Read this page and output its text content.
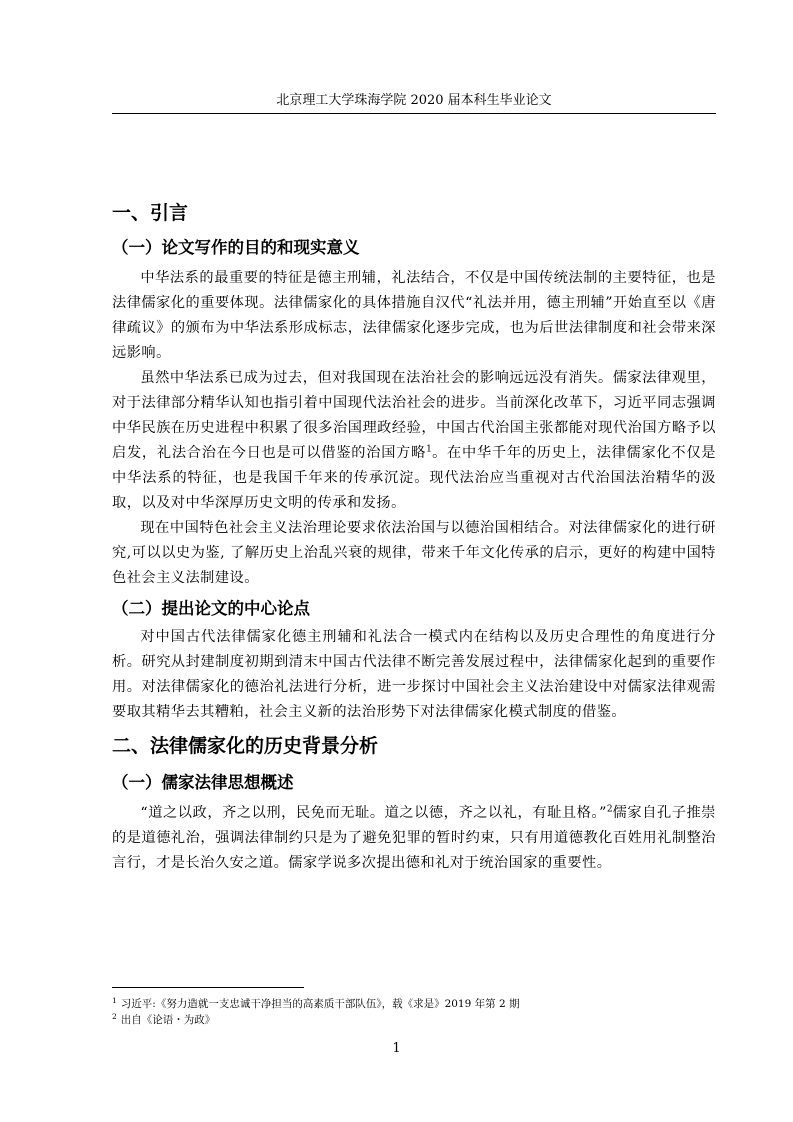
北京理工大学珠海学院 2020 届本科生毕业论文
一、引言
（一）论文写作的目的和现实意义

中华法系的最重要的特征是德主刑辅，礼法结合，不仅是中国传统法制的主要特征，也是法律儒家化的重要体现。法律儒家化的具体措施自汉代“礼法并用，德主刑辅”开始直至以《唐律疏议》的颁布为中华法系形成标志，法律儒家化逐步完成，也为后世法律制度和社会带来深远影响。

虽然中华法系已成为过去，但对我国现在法治社会的影响远远没有消失。儒家法律观里，对于法律部分精华认知也指引着中国现代法治社会的进步。当前深化改革下，习近平同志强调中华民族在历史进程中积累了很多治国理政经验，中国古代治国主张都能对现代治国方略予以启发，礼法合治在今日也是可以借鉴的治国方略$^1$。在中华千年的历史上，法律儒家化不仅是中华法系的特征，也是我国千年来的传承沉淀。现代法治应当重视对古代治国法治精华的汲取，以及对中华深厚历史文明的传承和发扬。

现在中国特色社会主义法治理论要求依法治国与以德治国相结合。对法律儒家化的进行研究,可以以史为鉴, 了解历史上治乱兴衰的规律，带来千年文化传承的启示，更好的构建中国特色社会主义法制建设。

（二）提出论文的中心论点

对中国古代法律儒家化德主刑辅和礼法合一模式内在结构以及历史合理性的角度进行分析。研究从封建制度初期到清末中国古代法律不断完善发展过程中，法律儒家化起到的重要作用。对法律儒家化的德治礼法进行分析，进一步探讨中国社会主义法治建设中对儒家法律观需要取其精华去其糟粕，社会主义新的法治形势下对法律儒家化模式制度的借鉴。

二、法律儒家化的历史背景分析
（一）儒家法律思想概述

“道之以政，齐之以刑，民免而无耻。道之以德，齐之以礼，有耻且格。”$^2$儒家自孔子推崇的是道德礼治，强调法律制约只是为了避免犯罪的暂时约束，只有用道德教化百姓用礼制整治言行，才是长治久安之道。儒家学说多次提出德和礼对于统治国家的重要性。

$^1$ 习近平:《努力造就一支忠诚干净担当的高素质干部队伍》，载《求是》2019 年第 2 期
$^2$ 出自《论语・为政》
1
